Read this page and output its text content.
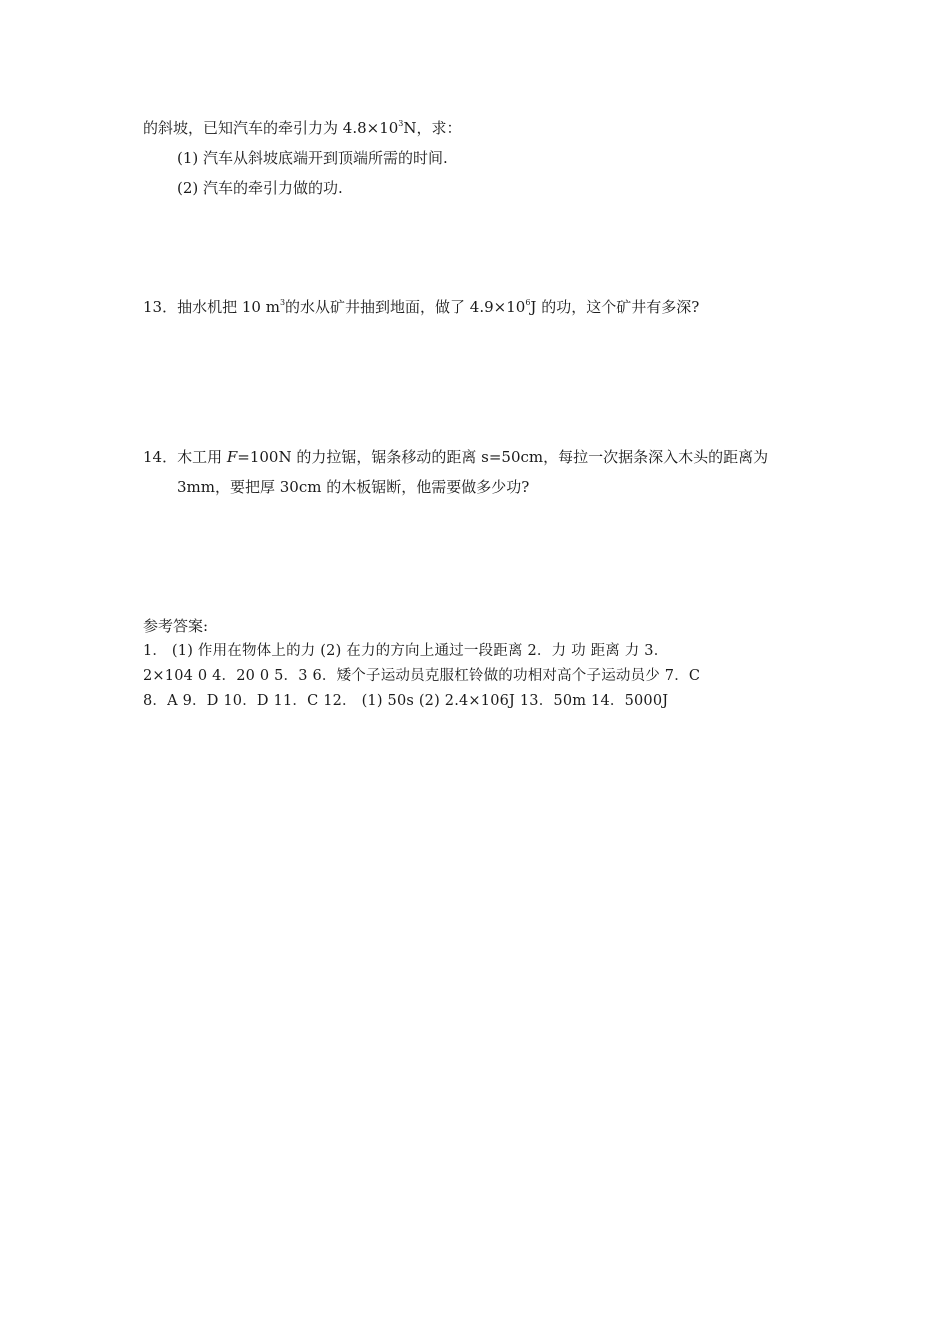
的斜坡，已知汽车的牵引力为 $4.8\times 10^3N$，求：
(1) 汽车从斜坡底端开到顶端所需的时间.
(2) 汽车的牵引力做的功.
13．抽水机把 10 $m^3$的水从矿井抽到地面，做了 $4.9\times 10^6J$ 的功，这个矿井有多深?
14．木工用 F=100N 的力拉锯，锯条移动的距离 s=50cm，每拉一次据条深入木头的距离为
3mm，要把厚 30cm 的木板锯断，他需要做多少功?
参考答案:
1． (1) 作用在物体上的力 (2) 在力的方向上通过一段距离 2．力 功 距离 力 3．
2×104 0 4．20 0 5．3 6．矮个子运动员克服杠铃做的功相对高个子运动员少 7．C
8．A 9．D 10．D 11．C 12． (1) 50s (2) 2.4×106J 13．50m 14．5000J
